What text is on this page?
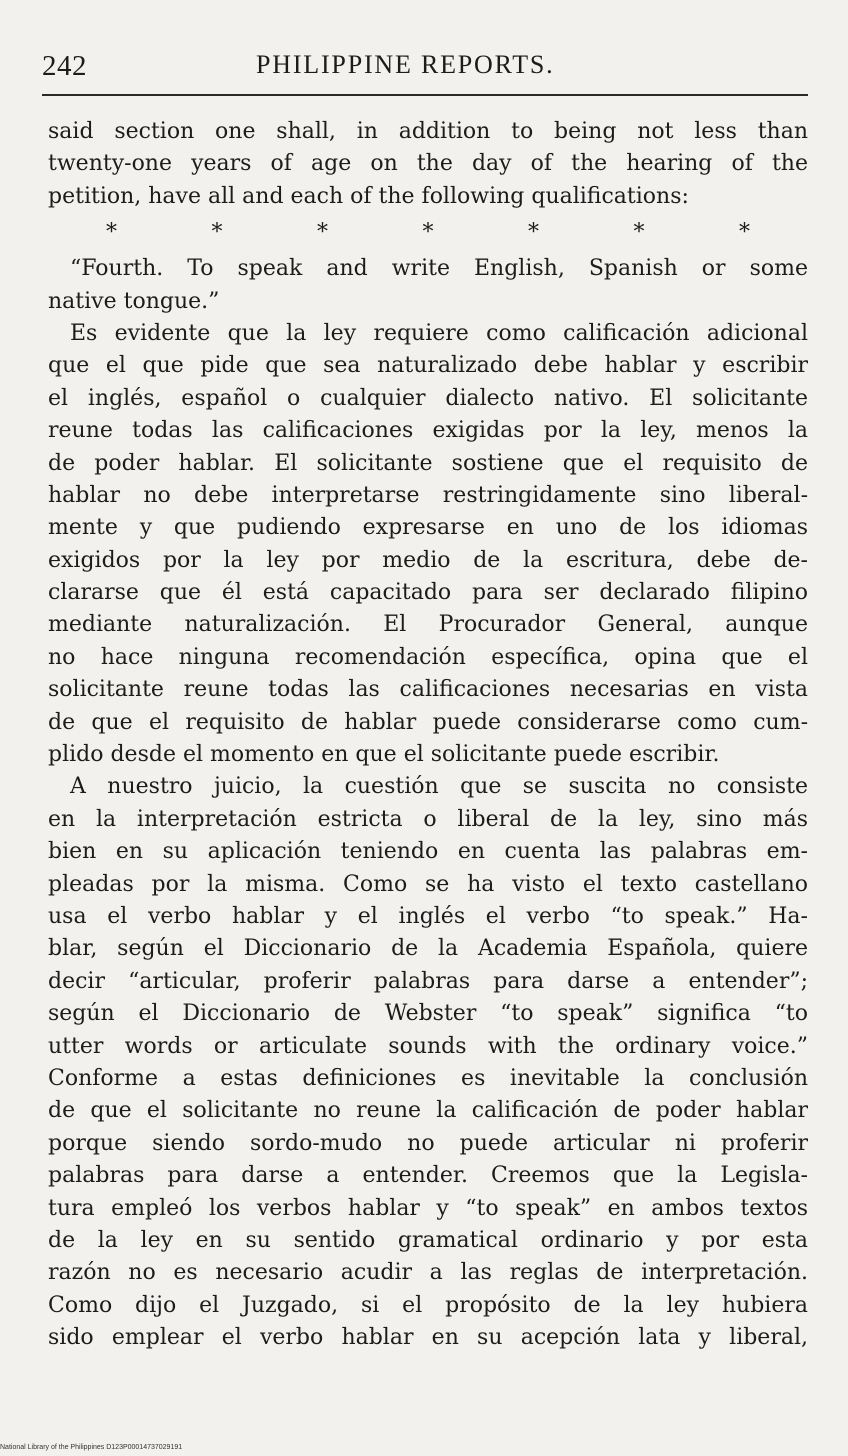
242	PHILIPPINE REPORTS.
said section one shall, in addition to being not less than
twenty-one years of age on the day of the hearing of the
petition, have all and each of the following qualifications:
*	*	*	*	*	*	*
“Fourth. To speak and write English, Spanish or some
native tongue.”
Es evidente que la ley requiere como calificación adicional
que el que pide que sea naturalizado debe hablar y escribir
el inglés, español o cualquier dialecto nativo. El solicitante
reune todas las calificaciones exigidas por la ley, menos la
de poder hablar. El solicitante sostiene que el requisito de
hablar no debe interpretarse restringidamente sino liberal-
mente y que pudiendo expresarse en uno de los idiomas
exigidos por la ley por medio de la escritura, debe de-
clararse que él está capacitado para ser declarado filipino
mediante naturalización. El Procurador General, aunque
no hace ninguna recomendación específica, opina que el
solicitante reune todas las calificaciones necesarias en vista
de que el requisito de hablar puede considerarse como cum-
plido desde el momento en que el solicitante puede escribir.
A nuestro juicio, la cuestión que se suscita no consiste
en la interpretación estricta o liberal de la ley, sino más
bien en su aplicación teniendo en cuenta las palabras em-
pleadas por la misma. Como se ha visto el texto castellano
usa el verbo hablar y el inglés el verbo “to speak.” Ha-
blar, según el Diccionario de la Academia Española, quiere
decir “articular, proferir palabras para darse a entender”;
según el Diccionario de Webster “to speak” significa “to
utter words or articulate sounds with the ordinary voice.”
Conforme a estas definiciones es inevitable la conclusión
de que el solicitante no reune la calificación de poder hablar
porque siendo sordo-mudo no puede articular ni proferir
palabras para darse a entender. Creemos que la Legisla-
tura empleó los verbos hablar y “to speak” en ambos textos
de la ley en su sentido gramatical ordinario y por esta
razón no es necesario acudir a las reglas de interpretación.
Como dijo el Juzgado, si el propósito de la ley hubiera
sido emplear el verbo hablar en su acepción lata y liberal,
National Library of the Philippines D123P00014737029191
